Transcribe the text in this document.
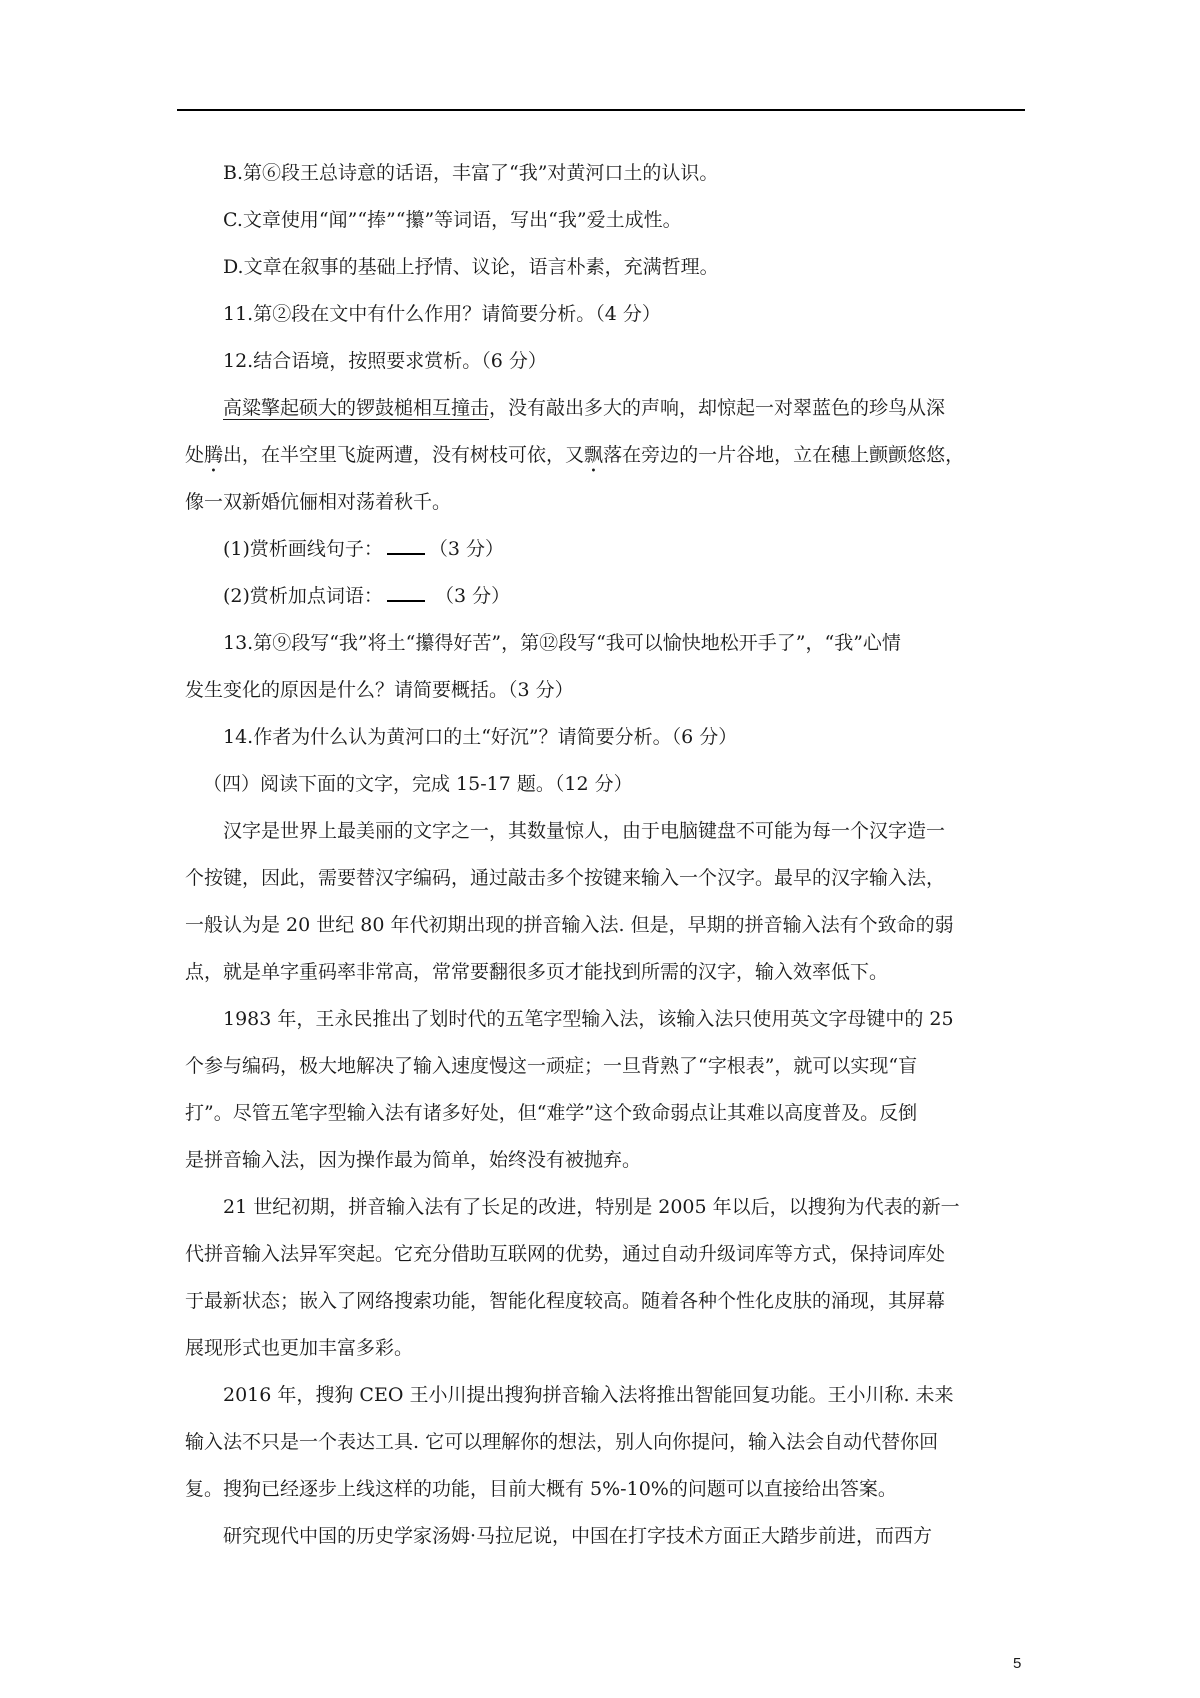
B.第⑥段王总诗意的话语，丰富了“我”对黄河口土的认识。
C.文章使用“闻”“捧”“攥”等词语，写出“我”爱土成性。
D.文章在叙事的基础上抒情、议论，语言朴素，充满哲理。
11.第②段在文中有什么作用？请简要分析。（4 分）
12.结合语境，按照要求赏析。（6 分）
高粱擎起硕大的锣鼓槌相互撞击，没有敲出多大的声响，却惊起一对翠蓝色的珍鸟从深
处腾出，在半空里飞旋两遭，没有树枝可依，又飘落在旁边的一片谷地，立在穗上颤颤悠悠，
像一双新婚伉俪相对荡着秋千。
(1)赏析画线句子： （3 分）
(2)赏析加点词语： （3 分）
13.第⑨段写“我”将土“攥得好苦”，第⑫段写“我可以愉快地松开手了”，“我”心情
发生变化的原因是什么？请简要概括。（3 分）
14.作者为什么认为黄河口的土“好沉”？请简要分析。（6 分）
（四）阅读下面的文字，完成 15-17 题。（12 分）
汉字是世界上最美丽的文字之一，其数量惊人，由于电脑键盘不可能为每一个汉字造一
个按键，因此，需要替汉字编码，通过敲击多个按键来输入一个汉字。最早的汉字输入法，
一般认为是 20 世纪 80 年代初期出现的拼音输入法. 但是，早期的拼音输入法有个致命的弱
点，就是单字重码率非常高，常常要翻很多页才能找到所需的汉字，输入效率低下。
1983 年，王永民推出了划时代的五笔字型输入法，该输入法只使用英文字母键中的 25
个参与编码，极大地解决了输入速度慢这一顽症；一旦背熟了“字根表”，就可以实现“盲
打”。尽管五笔字型输入法有诸多好处，但“难学”这个致命弱点让其难以高度普及。反倒
是拼音输入法，因为操作最为简单，始终没有被抛弃。
21 世纪初期，拼音输入法有了长足的改进，特别是 2005 年以后，以搜狗为代表的新一
代拼音输入法异军突起。它充分借助互联网的优势，通过自动升级词库等方式，保持词库处
于最新状态；嵌入了网络搜索功能，智能化程度较高。随着各种个性化皮肤的涌现，其屏幕
展现形式也更加丰富多彩。
2016 年，搜狗 CEO 王小川提出搜狗拼音输入法将推出智能回复功能。王小川称. 未来
输入法不只是一个表达工具. 它可以理解你的想法，别人向你提问，输入法会自动代替你回
复。搜狗已经逐步上线这样的功能，目前大概有 5%-10%的问题可以直接给出答案。
研究现代中国的历史学家汤姆·马拉尼说，中国在打字技术方面正大踏步前进，而西方
5
